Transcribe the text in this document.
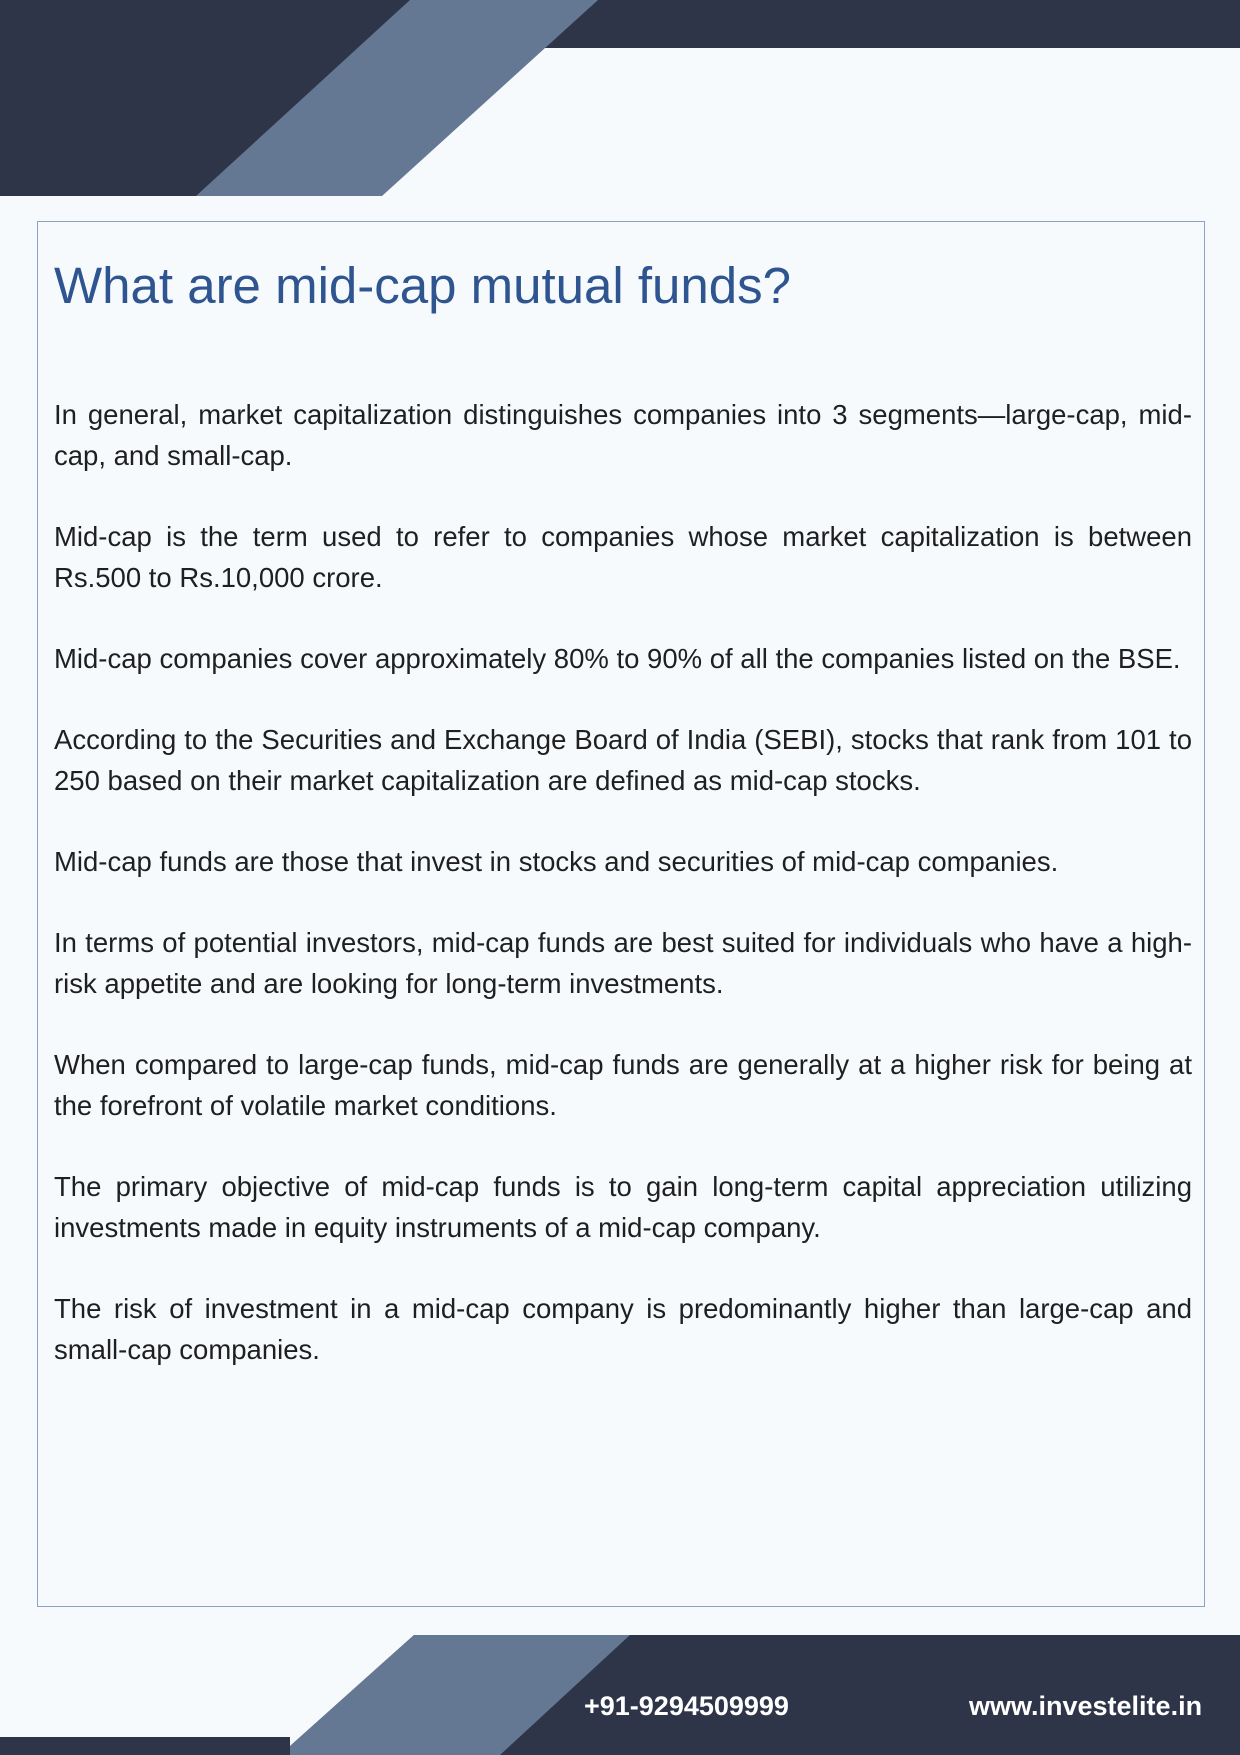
What are mid-cap mutual funds?

In general, market capitalization distinguishes companies into 3 segments—large-cap, mid-cap, and small-cap.

Mid-cap is the term used to refer to companies whose market capitalization is between Rs.500 to Rs.10,000 crore.

Mid-cap companies cover approximately 80% to 90% of all the companies listed on the BSE.

According to the Securities and Exchange Board of India (SEBI), stocks that rank from 101 to 250 based on their market capitalization are defined as mid-cap stocks.

Mid-cap funds are those that invest in stocks and securities of mid-cap companies.

In terms of potential investors, mid-cap funds are best suited for individuals who have a high-risk appetite and are looking for long-term investments.

When compared to large-cap funds, mid-cap funds are generally at a higher risk for being at the forefront of volatile market conditions.

The primary objective of mid-cap funds is to gain long-term capital appreciation utilizing investments made in equity instruments of a mid-cap company.

The risk of investment in a mid-cap company is predominantly higher than large-cap and small-cap companies.

+91-9294509999	www.investelite.in
